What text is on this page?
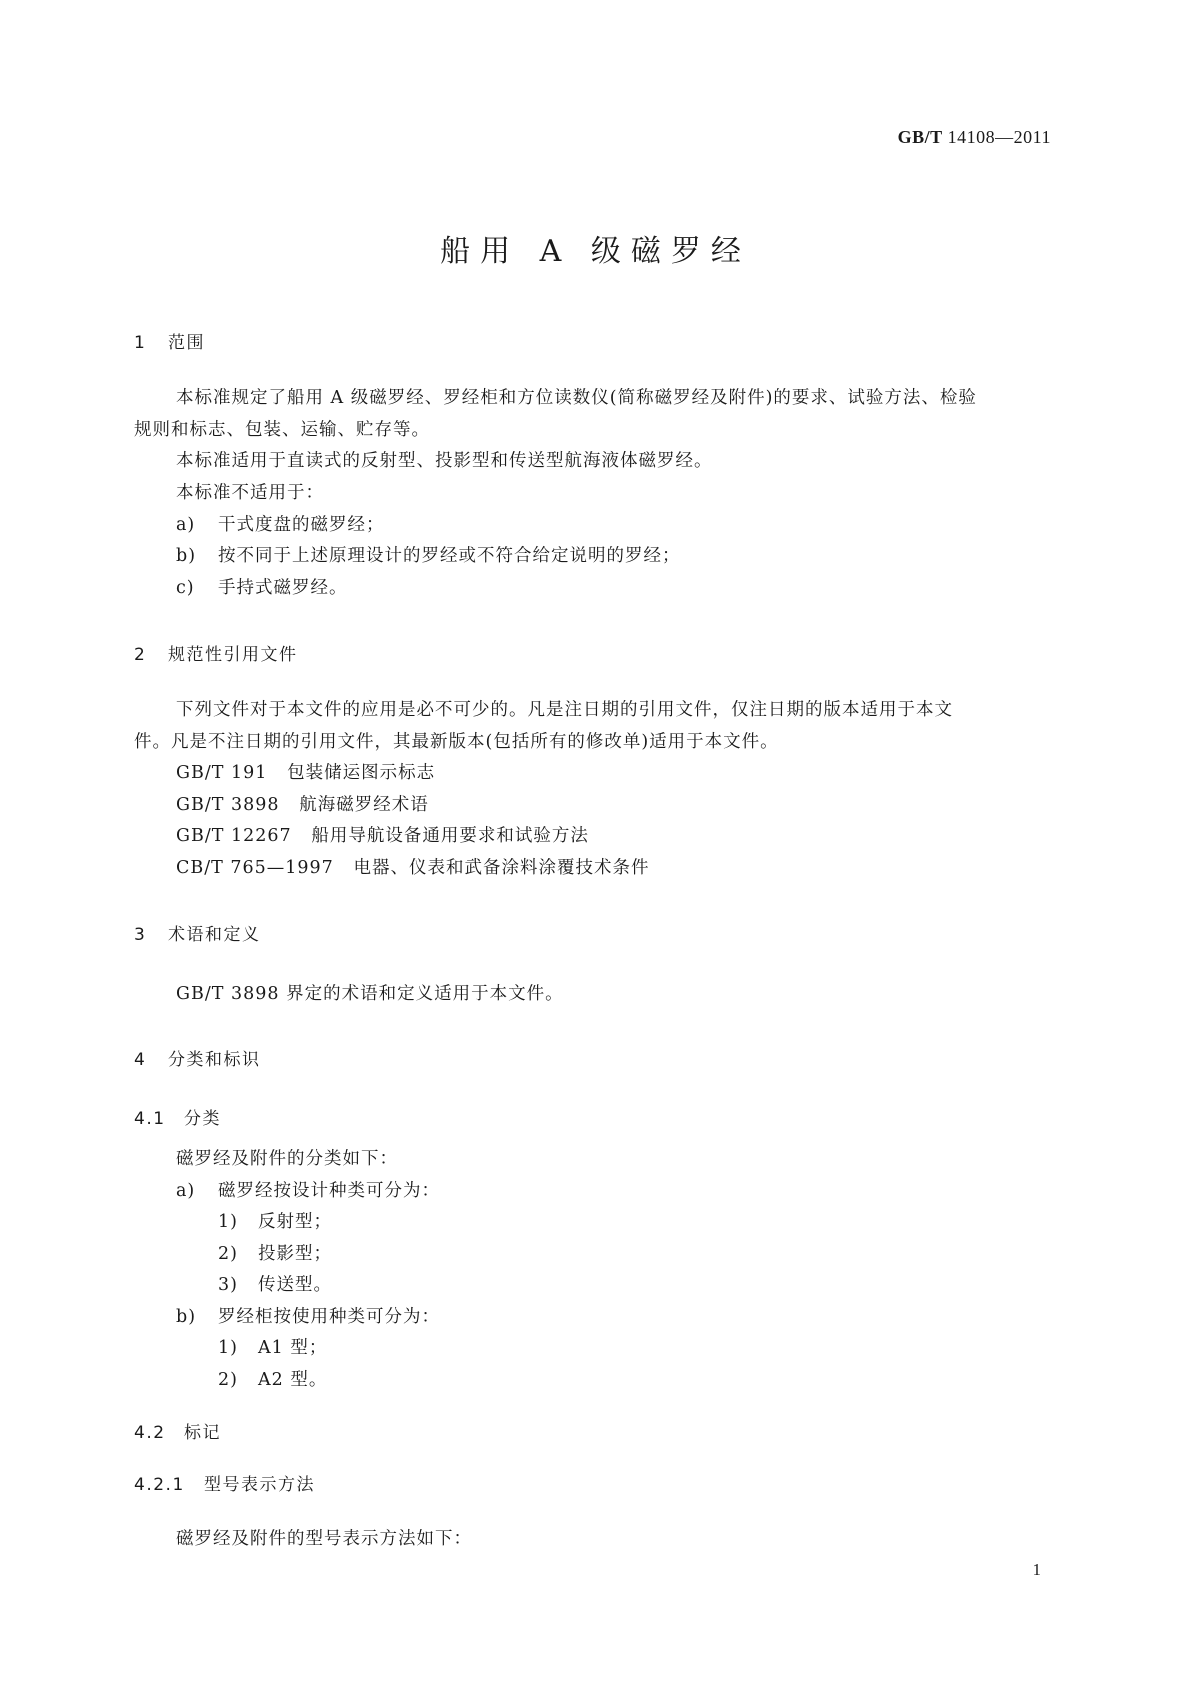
GB/T 14108—2011
船用 A 级磁罗经
1 范围
本标准规定了船用 A 级磁罗经、罗经柜和方位读数仪(简称磁罗经及附件)的要求、试验方法、检验
规则和标志、包装、运输、贮存等。
本标准适用于直读式的反射型、投影型和传送型航海液体磁罗经。
本标准不适用于：
a) 干式度盘的磁罗经；
b) 按不同于上述原理设计的罗经或不符合给定说明的罗经；
c) 手持式磁罗经。
2 规范性引用文件
下列文件对于本文件的应用是必不可少的。凡是注日期的引用文件，仅注日期的版本适用于本文
件。凡是不注日期的引用文件，其最新版本(包括所有的修改单)适用于本文件。
GB/T 191 包装储运图示标志
GB/T 3898 航海磁罗经术语
GB/T 12267 船用导航设备通用要求和试验方法
CB/T 765—1997 电器、仪表和武备涂料涂覆技术条件
3 术语和定义
GB/T 3898 界定的术语和定义适用于本文件。
4 分类和标识
4.1 分类
磁罗经及附件的分类如下：
a) 磁罗经按设计种类可分为：
1) 反射型；
2) 投影型；
3) 传送型。
b) 罗经柜按使用种类可分为：
1) A1 型；
2) A2 型。
4.2 标记
4.2.1 型号表示方法
磁罗经及附件的型号表示方法如下：
1
